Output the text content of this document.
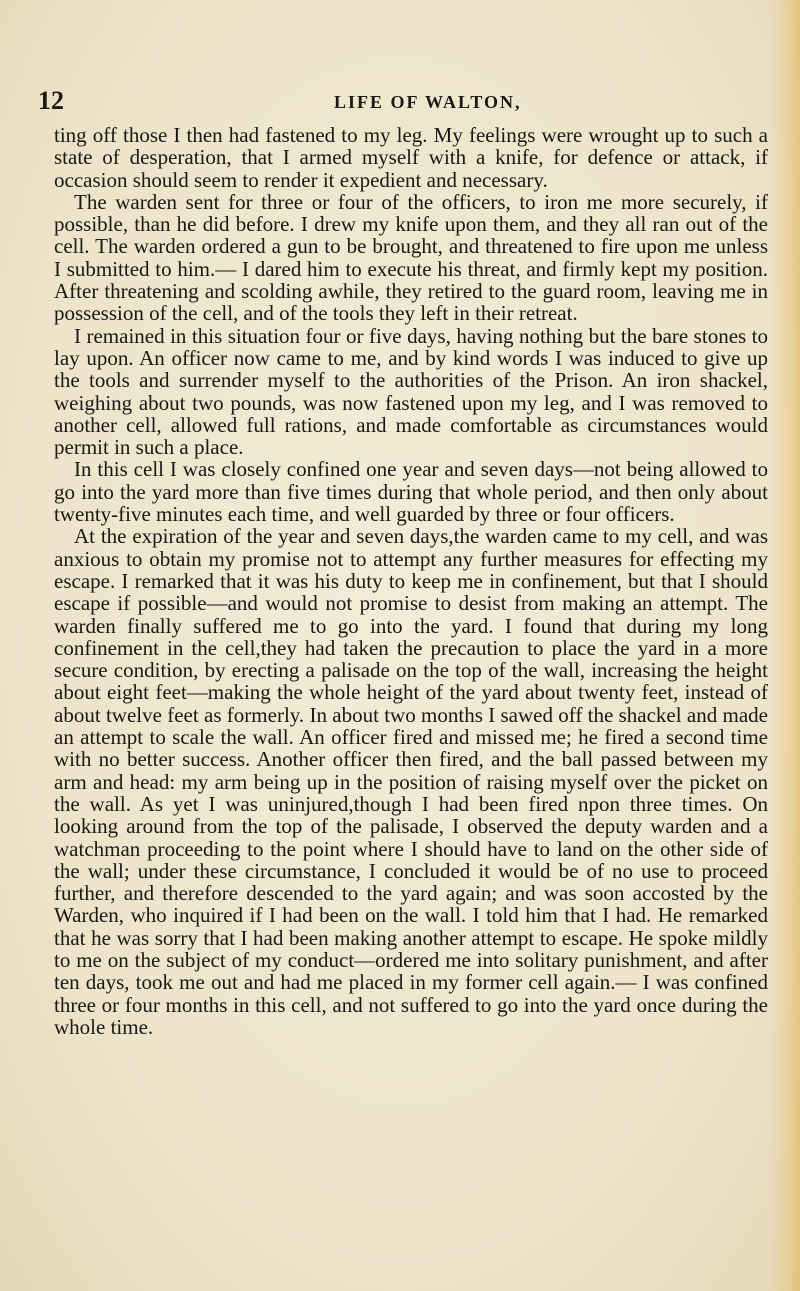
12	LIFE OF WALTON,

ting off those I then had fastened to my leg. My feelings were wrought up to such a state of desperation, that I armed myself with a knife, for defence or attack, if occasion should seem to render it expedient and necessary.

The warden sent for three or four of the officers, to iron me more securely, if possible, than he did before. I drew my knife upon them, and they all ran out of the cell. The warden ordered a gun to be brought, and threatened to fire upon me unless I submitted to him.— I dared him to execute his threat, and firmly kept my position. After threatening and scolding awhile, they retired to the guard room, leaving me in possession of the cell, and of the tools they left in their retreat.

I remained in this situation four or five days, having nothing but the bare stones to lay upon. An officer now came to me, and by kind words I was induced to give up the tools and surrender myself to the authorities of the Prison. An iron shackel, weighing about two pounds, was now fastened upon my leg, and I was removed to another cell, allowed full rations, and made comfortable as circumstances would permit in such a place.

In this cell I was closely confined one year and seven days—not being allowed to go into the yard more than five times during that whole period, and then only about twenty-five minutes each time, and well guarded by three or four officers.

At the expiration of the year and seven days,the warden came to my cell, and was anxious to obtain my promise not to attempt any further measures for effecting my escape. I remarked that it was his duty to keep me in confinement, but that I should escape if possible—and would not promise to desist from making an attempt. The warden finally suffered me to go into the yard. I found that during my long confinement in the cell,they had taken the precaution to place the yard in a more secure condition, by erecting a palisade on the top of the wall, increasing the height about eight feet—making the whole height of the yard about twenty feet, instead of about twelve feet as formerly. In about two months I sawed off the shackel and made an attempt to scale the wall. An officer fired and missed me; he fired a second time with no better success. Another officer then fired, and the ball passed between my arm and head: my arm being up in the position of raising myself over the picket on the wall. As yet I was uninjured,though I had been fired npon three times. On looking around from the top of the palisade, I observed the deputy warden and a watchman proceeding to the point where I should have to land on the other side of the wall; under these circumstance, I concluded it would be of no use to proceed further, and therefore descended to the yard again; and was soon accosted by the Warden, who inquired if I had been on the wall. I told him that I had. He remarked that he was sorry that I had been making another attempt to escape. He spoke mildly to me on the subject of my conduct—ordered me into solitary punishment, and after ten days, took me out and had me placed in my former cell again.— I was confined three or four months in this cell, and not suffered to go into the yard once during the whole time.
